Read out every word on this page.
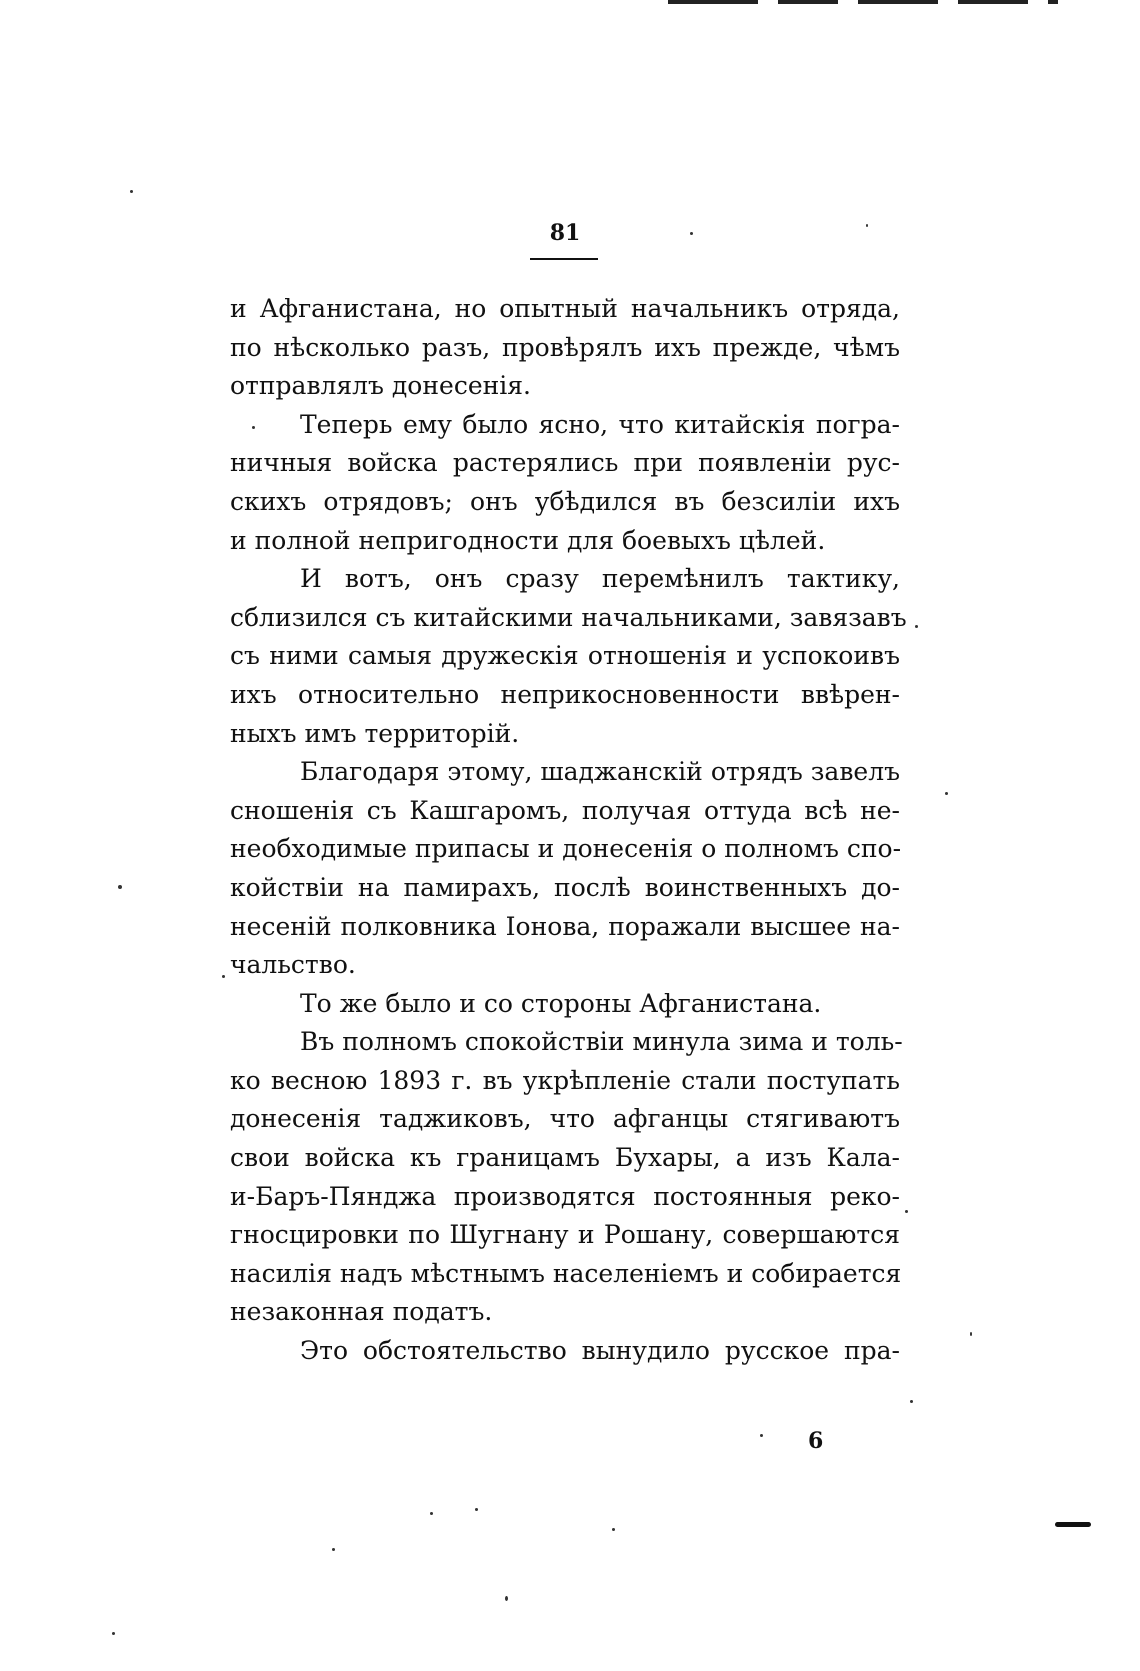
81
и Афганистана, но опытный начальникъ отряда,
по нѣсколько разъ, провѣрялъ ихъ прежде, чѣмъ
отправлялъ донесенія.
Теперь ему было ясно, что китайскія погра-
ничныя войска растерялись при появленіи рус-
скихъ отрядовъ; онъ убѣдился въ безсиліи ихъ
и полной непригодности для боевыхъ цѣлей.
И вотъ, онъ сразу перемѣнилъ тактику,
сблизился съ китайскими начальниками, завязавъ
съ ними самыя дружескія отношенія и успокоивъ
ихъ относительно неприкосновенности ввѣрен-
ныхъ имъ территорій.
Благодаря этому, шаджанскій отрядъ завелъ
сношенія съ Кашгаромъ, получая оттуда всѣ не-
необходимые припасы и донесенія о полномъ спо-
койствіи на памирахъ, послѣ воинственныхъ до-
несеній полковника Іонова, поражали высшее на-
чальство.
То же было и со стороны Афганистана.
Въ полномъ спокойствіи минула зима и толь-
ко весною 1893 г. въ укрѣпленіе стали поступать
донесенія таджиковъ, что афганцы стягиваютъ
свои войска къ границамъ Бухары, а изъ Кала-
и-Баръ-Пянджа производятся постоянныя реко-
гносцировки по Шугнану и Рошану, совершаются
насилія надъ мѣстнымъ населеніемъ и собирается
незаконная податъ.
Это обстоятельство вынудило русское пра-
6
